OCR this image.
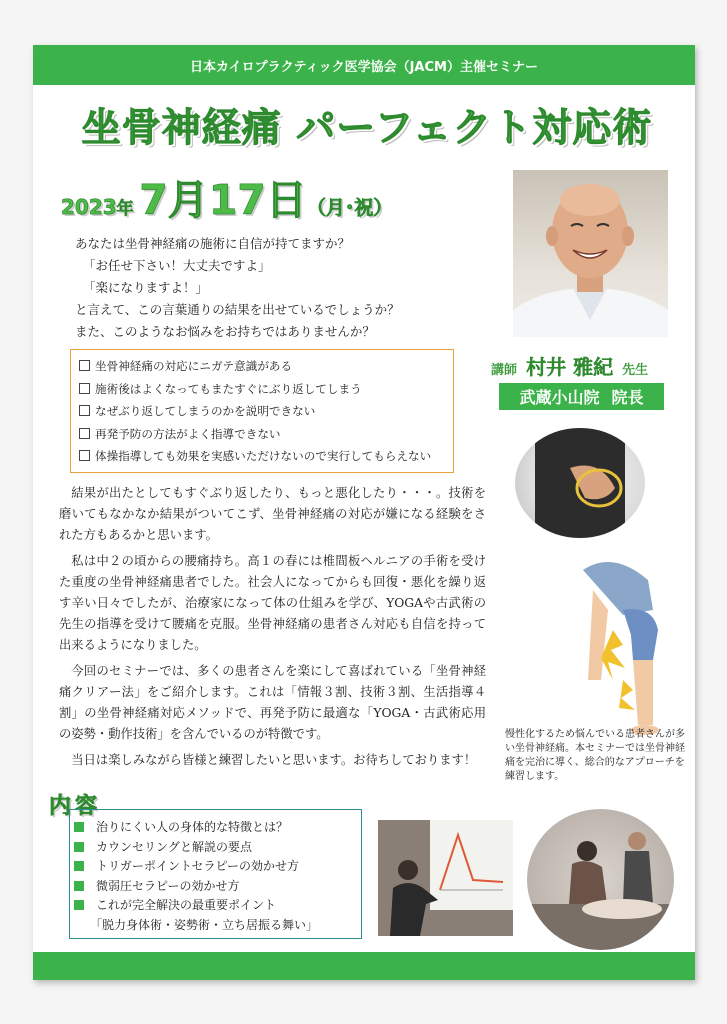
日本カイロプラクティック医学協会（JACM）主催セミナー
坐骨神経痛 パーフェクト対応術
2023年 7月17日（月･祝）
あなたは坐骨神経痛の施術に自信が持てますか？
「お任せ下さい！大丈夫ですよ」
「楽になりますよ！」
と言えて、この言葉通りの結果を出せているでしょうか？
また、このようなお悩みをお持ちではありませんか？
坐骨神経痛の対応にニガテ意識がある
施術後はよくなってもまたすぐにぶり返してしまう
なぜぶり返してしまうのかを説明できない
再発予防の方法がよく指導できない
体操指導しても効果を実感いただけないので実行してもらえない

結果が出たとしてもすぐぶり返したり、もっと悪化したり・・・。技術を磨いてもなかなか結果がついてこず、坐骨神経痛の対応が嫌になる経験をされた方もあるかと思います。

私は中２の頃からの腰痛持ち。高１の春には椎間板ヘルニアの手術を受けた重度の坐骨神経痛患者でした。社会人になってからも回復・悪化を繰り返す辛い日々でしたが、治療家になって体の仕組みを学び、YOGAや古武術の先生の指導を受けて腰痛を克服。坐骨神経痛の患者さん対応も自信を持って出来るようになりました。

今回のセミナーでは、多くの患者さんを楽にして喜ばれている「坐骨神経痛クリアー法」をご紹介します。これは「情報３割、技術３割、生活指導４割」の坐骨神経痛対応メソッドで、再発予防に最適な「YOGA・古武術応用の姿勢・動作技術」を含んでいるのが特徴です。

当日は楽しみながら皆様と練習したいと思います。お待ちしております！

講師 村井 雅紀 先生
武蔵小山院 院長
慢性化するため悩んでいる患者さんが多い坐骨神経痛。本セミナーでは坐骨神経痛を完治に導く、総合的なアプローチを練習します。
内容
治りにくい人の身体的な特徴とは？
カウンセリングと解説の要点
トリガーポイントセラピーの効かせ方
微弱圧セラピーの効かせ方
これが完全解決の最重要ポイント
「脱力身体術・姿勢術・立ち居振る舞い」
